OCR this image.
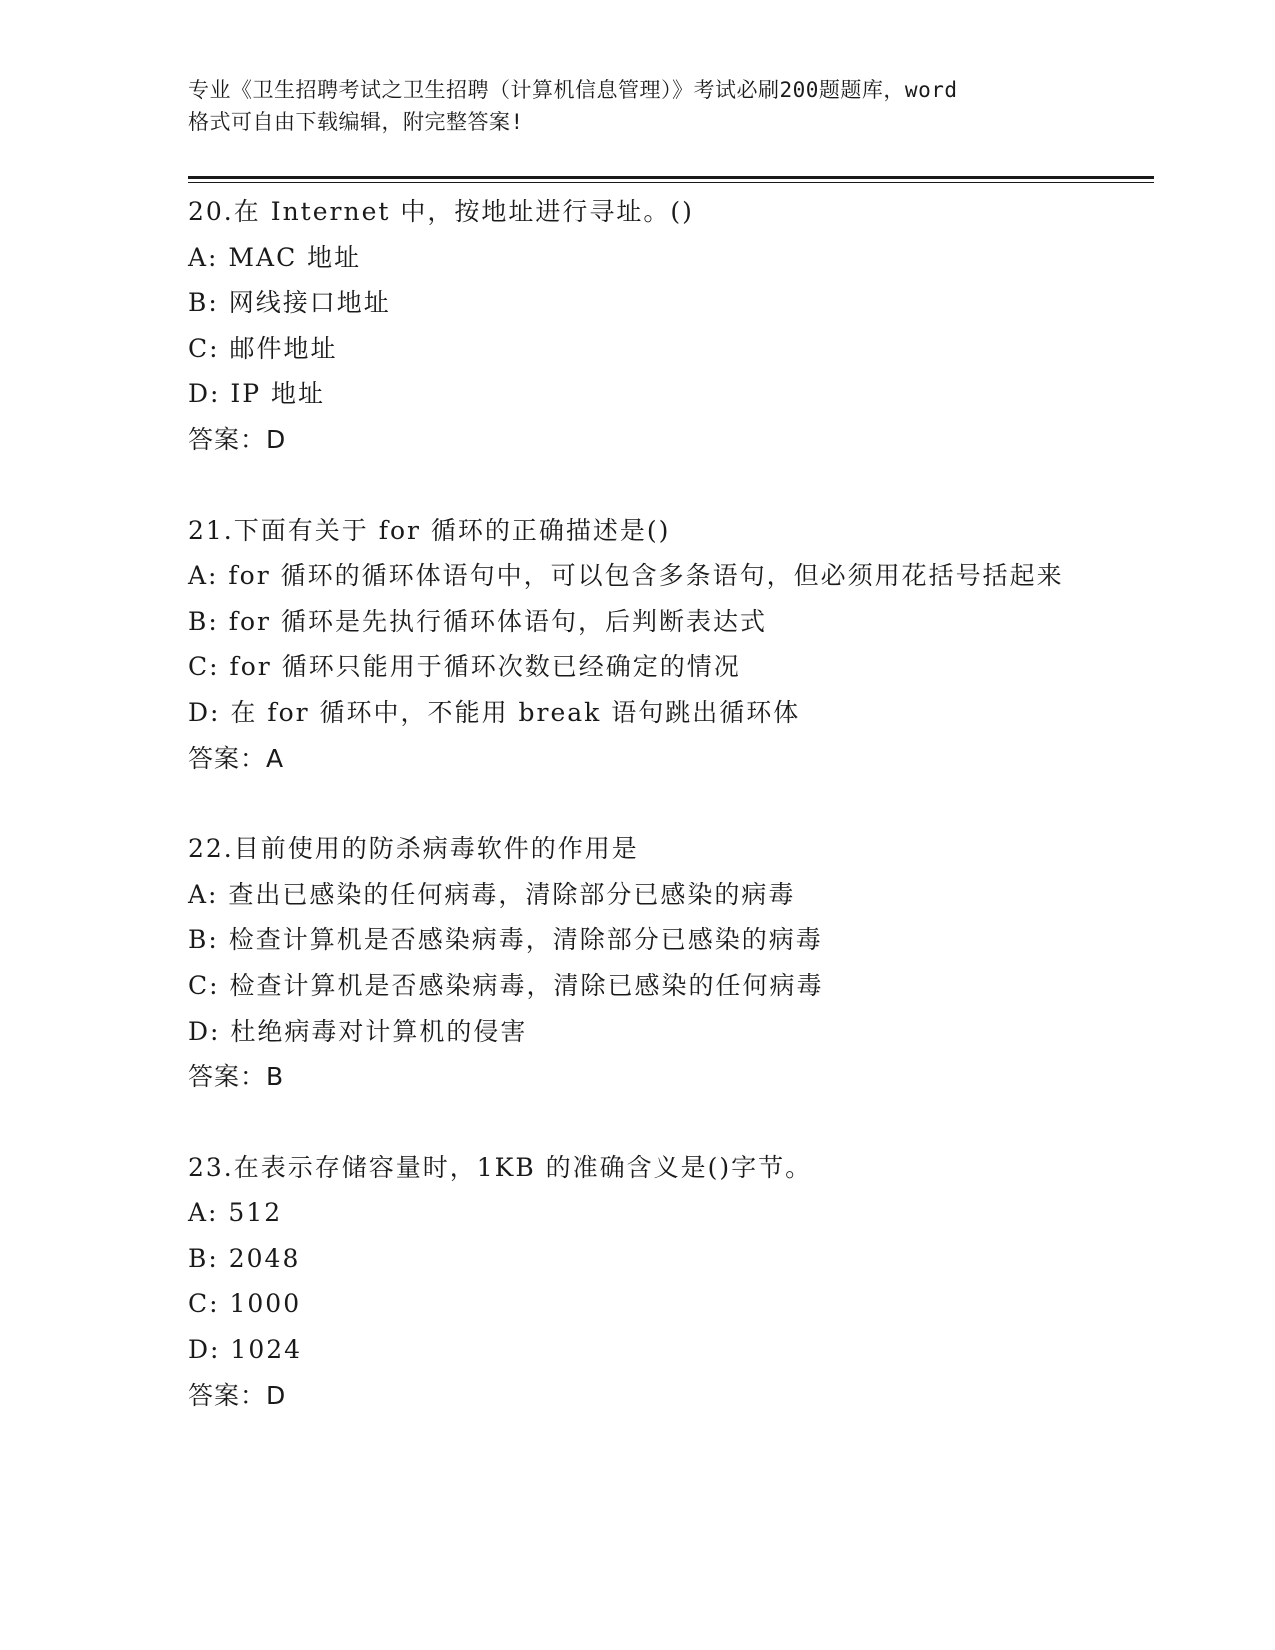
专业《卫生招聘考试之卫生招聘（计算机信息管理）》考试必刷200题题库，word
格式可自由下载编辑，附完整答案!

20.在 Internet 中，按地址进行寻址。()

A: MAC 地址

B: 网线接口地址

C: 邮件地址

D: IP 地址

答案：D

21.下面有关于 for 循环的正确描述是()

A: for 循环的循环体语句中，可以包含多条语句，但必须用花括号括起来

B: for 循环是先执行循环体语句，后判断表达式

C: for 循环只能用于循环次数已经确定的情况

D: 在 for 循环中，不能用 break 语句跳出循环体

答案：A

22.目前使用的防杀病毒软件的作用是

A: 查出已感染的任何病毒，清除部分已感染的病毒

B: 检查计算机是否感染病毒，清除部分已感染的病毒

C: 检查计算机是否感染病毒，清除已感染的任何病毒

D: 杜绝病毒对计算机的侵害

答案：B

23.在表示存储容量时，1KB 的准确含义是()字节。

A: 512

B: 2048

C: 1000

D: 1024

答案：D
